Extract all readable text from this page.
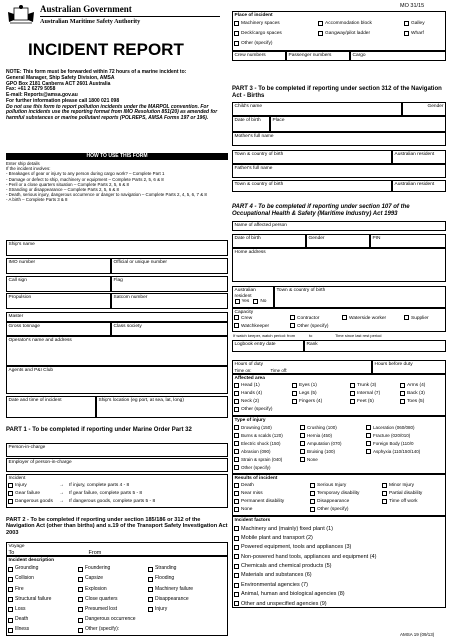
Australian Government
Australian Maritime Safety Authority
INCIDENT REPORT
NOTE: This form must be forwarded within 72 hours of a marine incident to:
General Manager, Ship Safety Division, AMSA
GPO Box 2181 Canberra ACT 2601 Australia
Fax: +61 2 6279 5058
E-mail: Reports@amsa.gov.au
For further information please call 1800 021 098
Do not use this form to report pollution incidents under the MARPOL convention. For pollution incidents use the reporting format from IMO Resolution 851(20) as amended for harmful substances or marine pollutant reports (POLREPS, AMSA Forms 197 or 196).
HOW TO USE THIS FORM
Enter ship details
If the incident involves:
- Breakages of gear or injury to any person during cargo work? – Complete Part 1
- Damage or defect to ship, machinery or equipment – Complete Parts 2, 5, 6 & 8
- Peril or a close quarters situation – Complete Parts 2, 5, 6 & 8
- Stranding or disappearance – Complete Parts 2, 5, 6 & 8
- Death, serious injury, dangerous occurrence or danger to navigation – Complete Parts 2, 4, 5, 6, 7 & 8
- A birth – Complete Parts 3 & 8
Ship's name
IMO number	Official or unique number
Call sign	Flag
Propulsion	Satcom number
Master
Gross tonnage	Class society
Operator's name and address
Agents and P&I Club
Date and time of incident	Ship's location (eg port, at sea, lat, long)
PART 1 - To be completed if reporting under Marine Order Part 32
Person-in-charge
Employer of person-in-charge
Incident
Injury	→	If injury, complete parts 4 - 8
Gear failure	→	If gear failure, complete parts 5 - 8
Dangerous goods	→	If dangerous goods, complete parts 5 - 8
PART 2 - To be completed if reporting under section 185/186 or 312 of the Navigation Act (other than births) and s.19 of the Transport Safety Investigation Act 2003
Voyage
To	From
Incident description
Grounding	Foundering	Stranding
Collision	Capsize	Flooding
Fire	Explosion	Machinery failure
Structural failure	Close quarters	Disappearance
Loss	Presumed lost	Injury
Death	Dangerous occurrence
Illness	Other (specify):
MO 31/15
Place of incident
Machinery spaces	Accommodation block	Galley
Deck/cargo spaces	Gangway/pilot ladder	Wharf
Other (specify)
Crew numbers	Passenger numbers	Cargo
PART 3 - To be completed if reporting under section 312 of the Navigation Act - Births
Child's name	Gender
Date of birth	Place
Mother's full name
Town & country of birth	Australian resident
Father's full name
Town & country of birth	Australian resident
PART 4 - To be completed if reporting under section 107 of the Occupational Health & Safety (Maritime Industry) Act 1993
Name of affected person
Date of birth	Gender	PIN
Home address
Australian resident
Yes No
Town & country of birth
Capacity
Crew	Contractor	Waterside worker	Supplier
Watchkeeper	Other (specify)
If watch keeper, watch period: from	to	Time since last rest period
Logbook entry date	Rank
Hours of duty
Time on:	Time off:
Hours before duty
Affected area
Head (1)	Eyes (1)	Trunk (3)	Arms (4)
Hands (4)	Legs (5)	Internal (7)	Back (3)
Neck (2)	Fingers (4)	Feet (5)	Toes (5)
Other (specify)
Type of injury
Drowning (150)	Crushing (100)	Laceration (060/080)
Burns & scalds (120)	Hernia (450)	Fracture (020/010)
Electric shock (150)	Amputation (070)	Foreign Body (110/0
Abrasion (090)	Bruising (100)	Asphyxia (110/150/140)
Strain & sprain (040)	None
Other (specify)
Results of incident
Death	Serious Injury	Minor Injury
Near miss	Temporary disability	Partial disability
Permanent disability	Disappearance	Time off work
None	Other (specify)
Incident factors
Machinery and (mainly) fixed plant (1)
Mobile plant and transport (2)
Powered equipment, tools and appliances (3)
Non-powered hand tools, appliances and equipment (4)
Chemicals and chemical products (5)
Materials and substances (6)
Environmental agencies (7)
Animal, human and biological agencies (8)
Other and unspecified agencies (9)
AMSA 19 (09/13)
